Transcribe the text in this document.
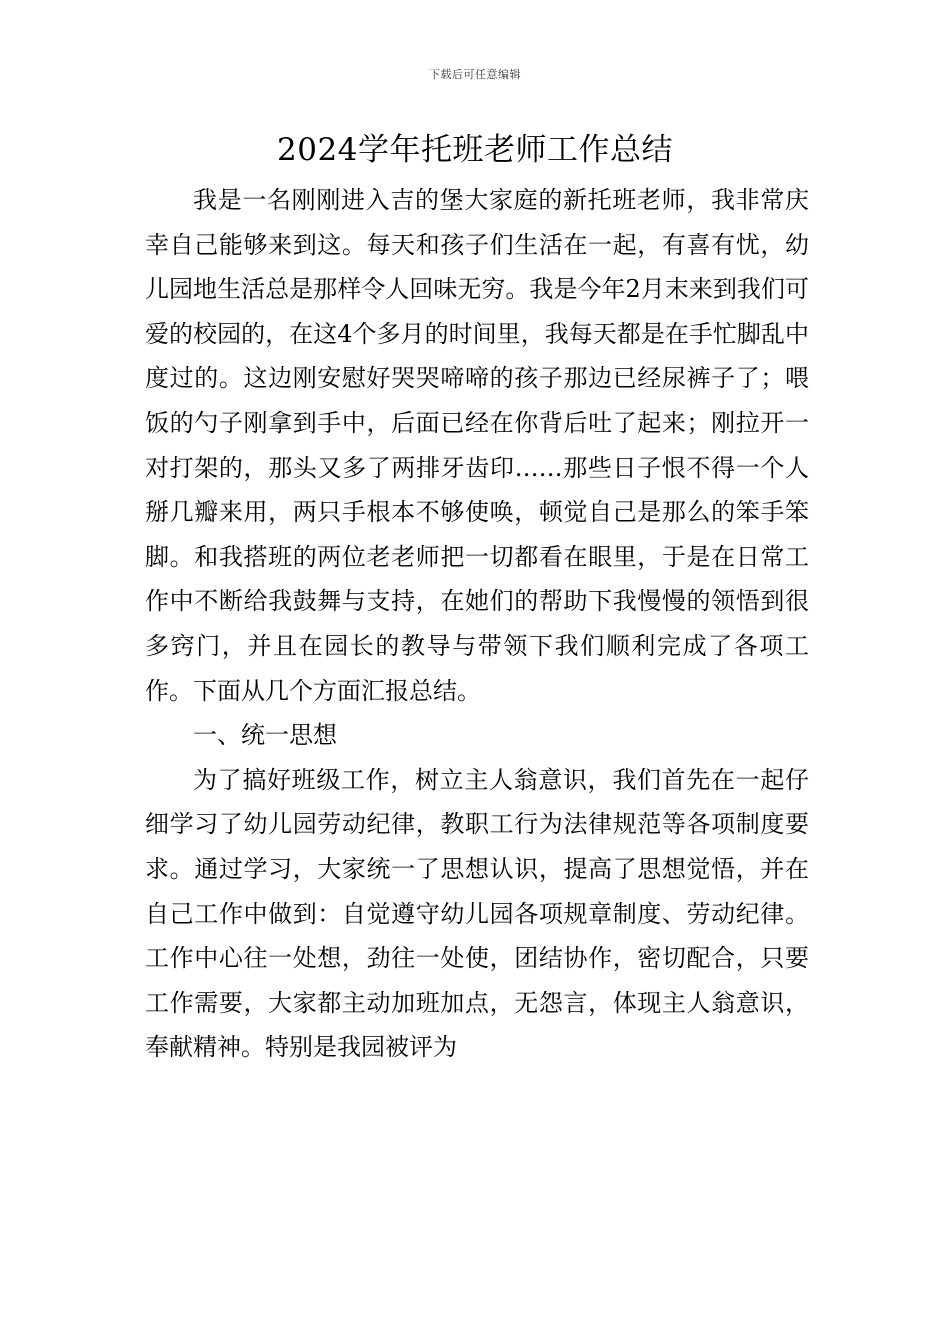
下载后可任意编辑
2024学年托班老师工作总结

我是一名刚刚进入吉的堡大家庭的新托班老师，我非常庆幸自己能够来到这。每天和孩子们生活在一起，有喜有忧，幼儿园地生活总是那样令人回味无穷。我是今年2月末来到我们可爱的校园的，在这4个多月的时间里，我每天都是在手忙脚乱中度过的。这边刚安慰好哭哭啼啼的孩子那边已经尿裤子了；喂饭的勺子刚拿到手中，后面已经在你背后吐了起来；刚拉开一对打架的，那头又多了两排牙齿印……那些日子恨不得一个人掰几瓣来用，两只手根本不够使唤，顿觉自己是那么的笨手笨脚。和我搭班的两位老老师把一切都看在眼里，于是在日常工作中不断给我鼓舞与支持，在她们的帮助下我慢慢的领悟到很多窍门，并且在园长的教导与带领下我们顺利完成了各项工作。下面从几个方面汇报总结。

一、统一思想

为了搞好班级工作，树立主人翁意识，我们首先在一起仔细学习了幼儿园劳动纪律，教职工行为法律规范等各项制度要求。通过学习，大家统一了思想认识，提高了思想觉悟，并在自己工作中做到：自觉遵守幼儿园各项规章制度、劳动纪律。工作中心往一处想，劲往一处使，团结协作，密切配合，只要工作需要，大家都主动加班加点，无怨言，体现主人翁意识，奉献精神。特别是我园被评为
